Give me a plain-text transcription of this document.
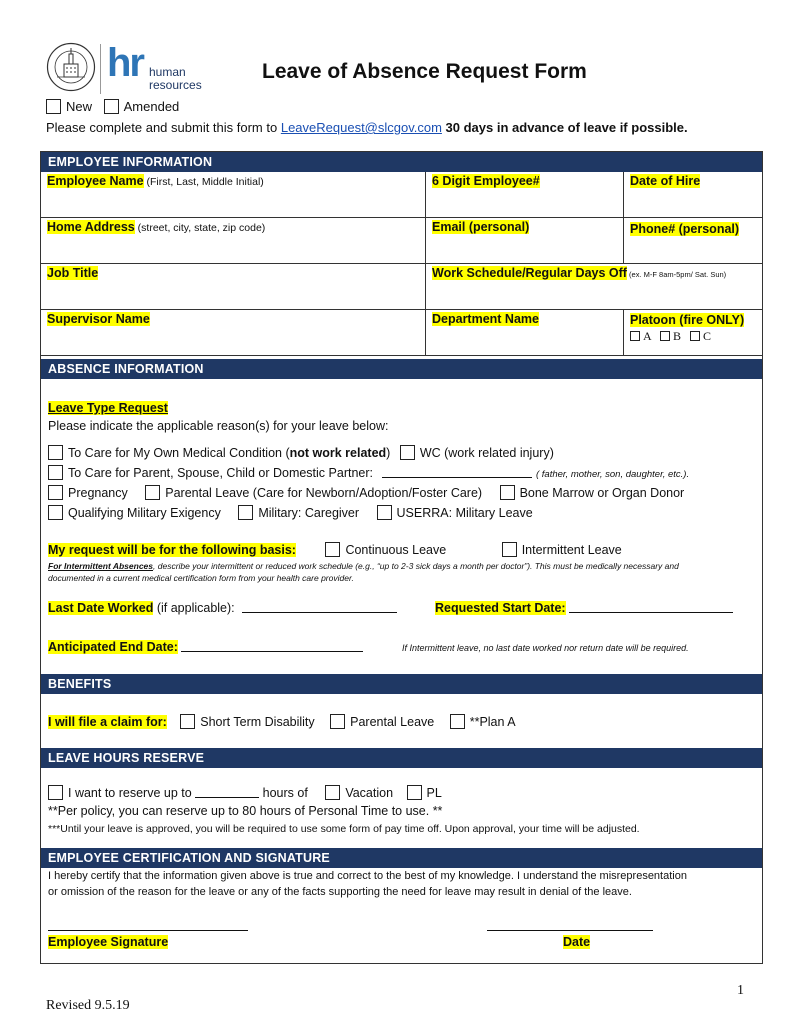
hr human
resources
Leave of Absence Request Form
New Amended
Please complete and submit this form to LeaveRequest@slcgov.com 30 days in advance of leave if possible.
EMPLOYEE INFORMATION
Employee Name (First, Last, Middle Initial)	6 Digit Employee#	Date of Hire
Home Address (street, city, state, zip code)	Email (personal)	Phone# (personal)
Job Title	Work Schedule/Regular Days Off (ex. M-F 8am-5pm/ Sat. Sun)
Supervisor Name	Department Name	Platoon (fire ONLY)
A B C
ABSENCE INFORMATION
Leave Type Request
Please indicate the applicable reason(s) for your leave below:
To Care for My Own Medical Condition (not work related) WC (work related injury)
To Care for Parent, Spouse, Child or Domestic Partner:	( father, mother, son, daughter, etc.).
Pregnancy	Parental Leave (Care for Newborn/Adoption/Foster Care)	Bone Marrow or Organ Donor
Qualifying Military Exigency	Military: Caregiver	USERRA: Military Leave
My request will be for the following basis:	Continuous Leave	Intermittent Leave
For Intermittent Absences, describe your intermittent or reduced work schedule (e.g., “up to 2-3 sick days a month per doctor”). This must be medically necessary and
documented in a current medical certification form from your health care provider.
Last Date Worked (if applicable):	Requested Start Date:
Anticipated End Date:	If Intermittent leave, no last date worked nor return date will be required.
BENEFITS
I will file a claim for:	Short Term Disability	Parental Leave	**Plan A
LEAVE HOURS RESERVE
I want to reserve up to	hours of	Vacation	PL
**Per policy, you can reserve up to 80 hours of Personal Time to use. **
***Until your leave is approved, you will be required to use some form of pay time off. Upon approval, your time will be adjusted.
EMPLOYEE CERTIFICATION AND SIGNATURE
I hereby certify that the information given above is true and correct to the best of my knowledge. I understand the misrepresentation
or omission of the reason for the leave or any of the facts supporting the need for leave may result in denial of the leave.
Employee Signature	Date
1
Revised 9.5.19
